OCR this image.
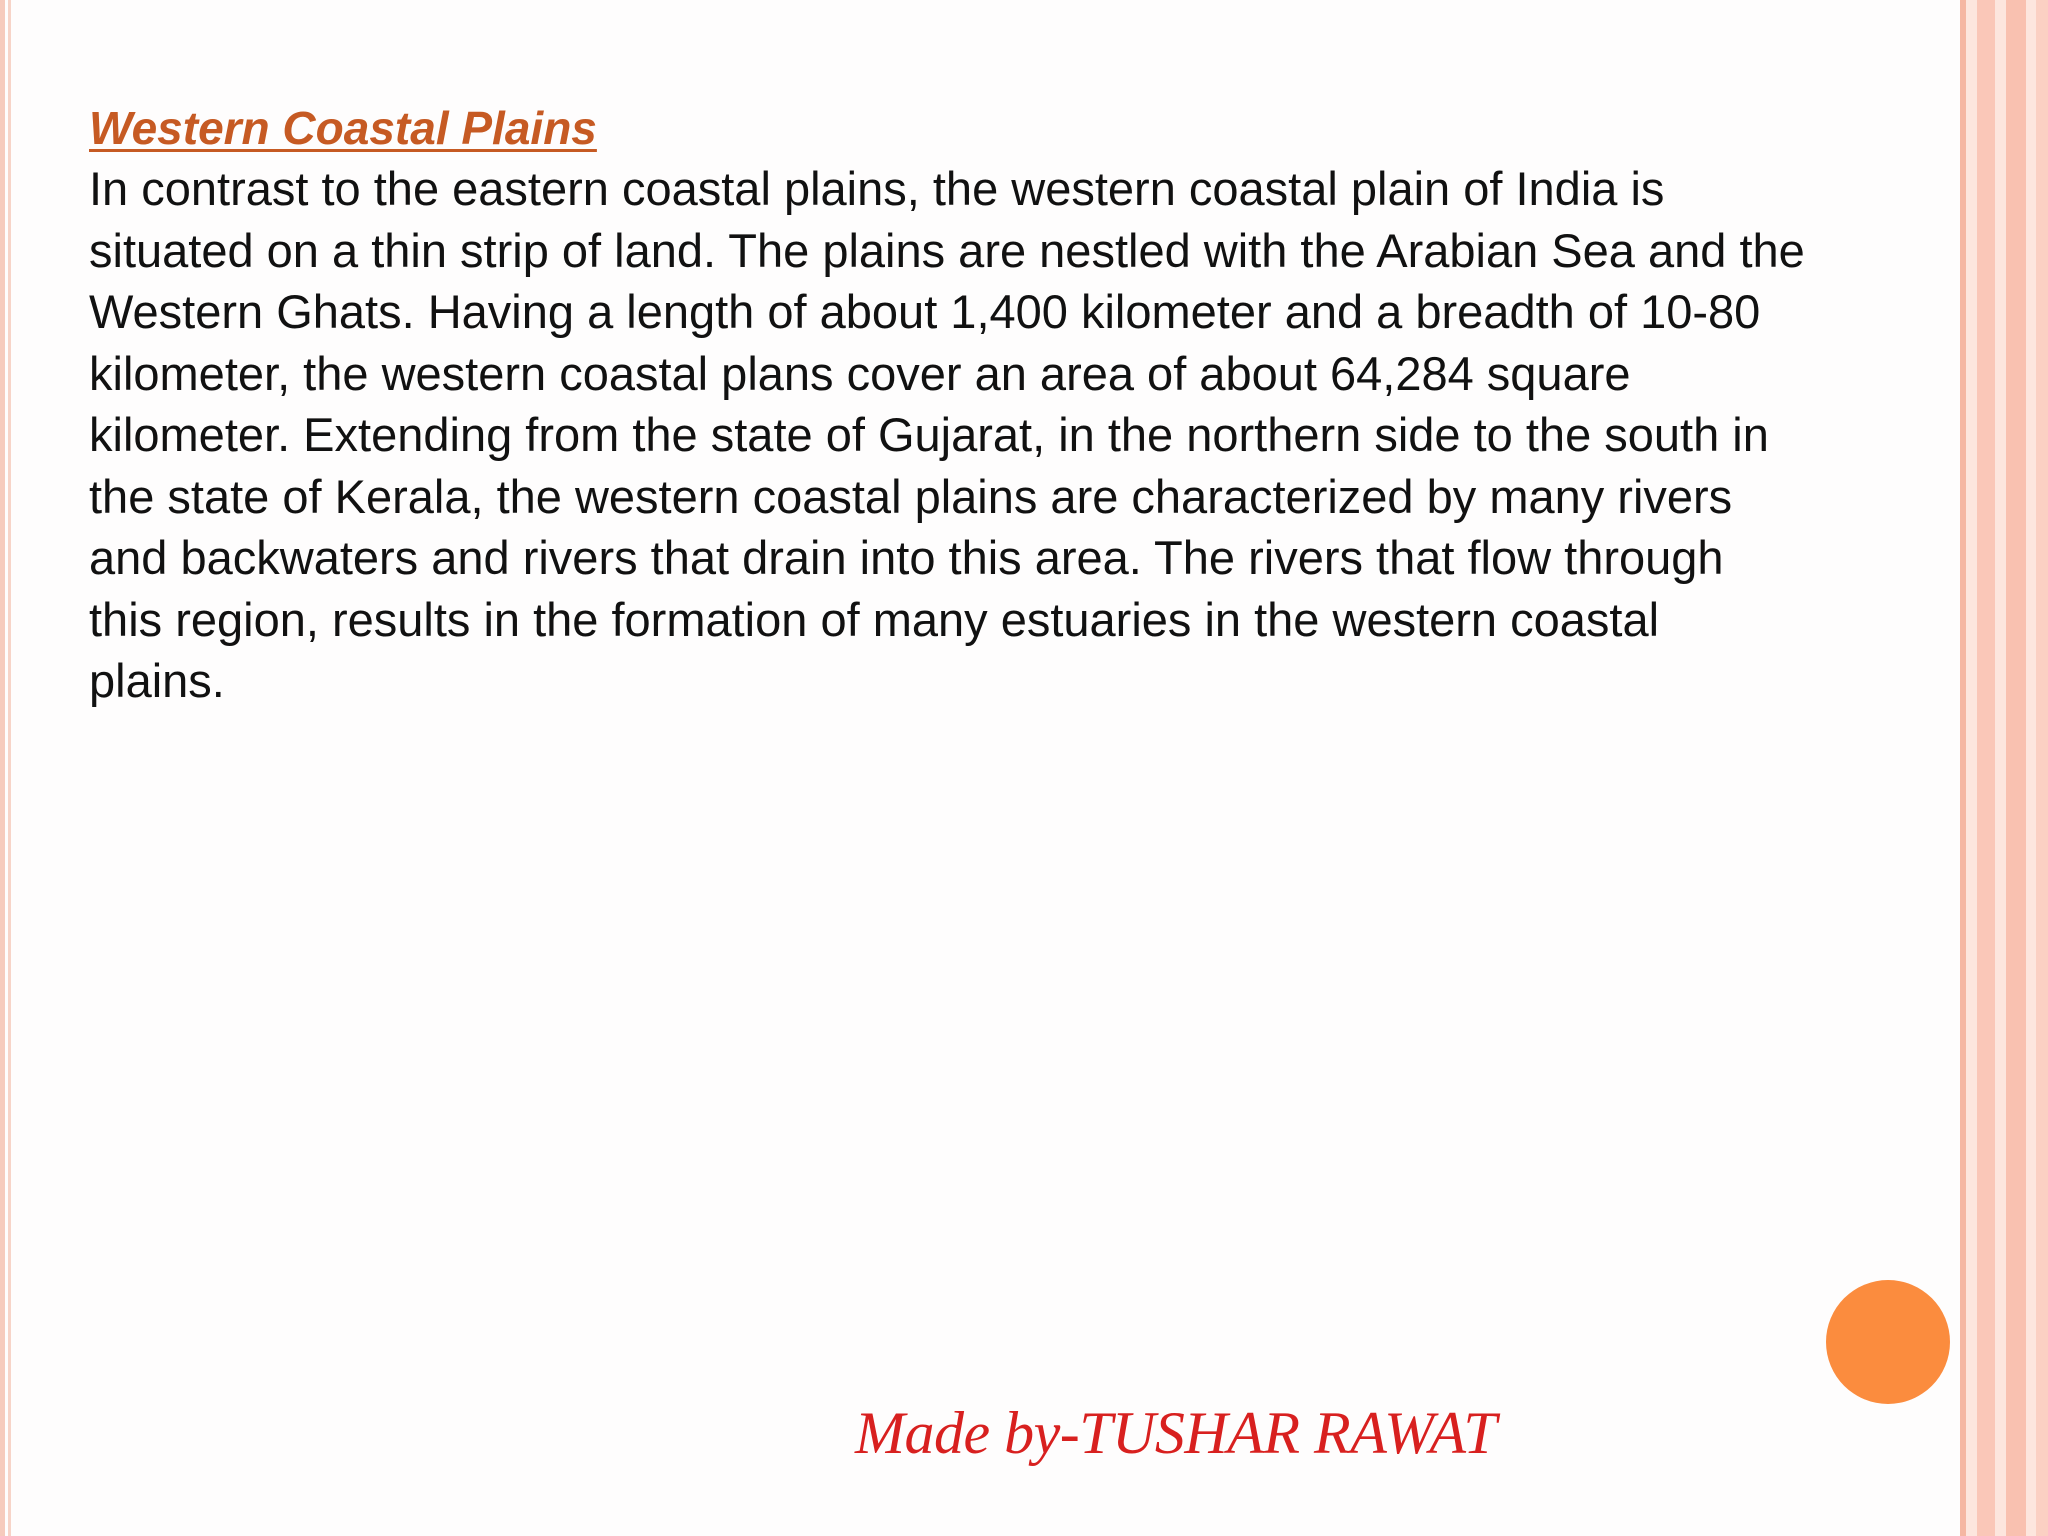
Western Coastal Plains

In contrast to the eastern coastal plains, the western coastal plain of India is
situated on a thin strip of land. The plains are nestled with the Arabian Sea and the
Western Ghats. Having a length of about 1,400 kilometer and a breadth of 10-80
kilometer, the western coastal plans cover an area of about 64,284 square
kilometer. Extending from the state of Gujarat, in the northern side to the south in
the state of Kerala, the western coastal plains are characterized by many rivers
and backwaters and rivers that drain into this area. The rivers that flow through
this region, results in the formation of many estuaries in the western coastal
plains.

Made by-TUSHAR RAWAT
